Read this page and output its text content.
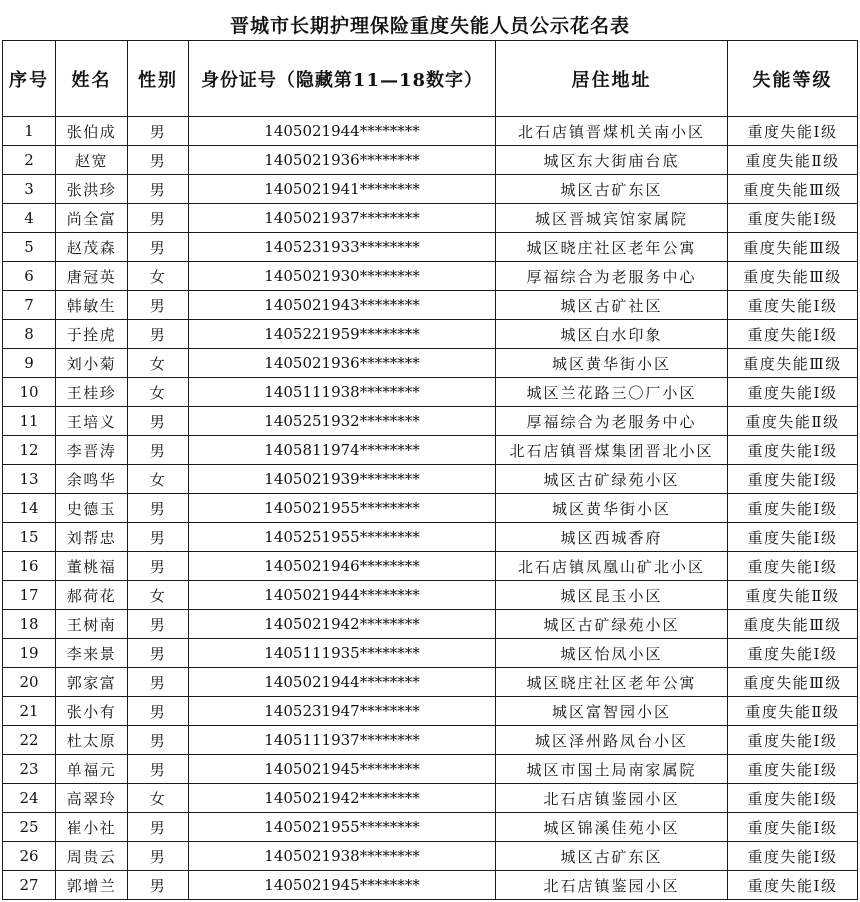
晋城市长期护理保险重度失能人员公示花名表
序号	姓名	性别	身份证号（隐藏第11—18数字）	居住地址	失能等级
1	张伯成	男	1405021944********	北石店镇晋煤机关南小区	重度失能Ⅰ级
2	赵宽	男	1405021936********	城区东大街庙台底	重度失能Ⅱ级
3	张洪珍	男	1405021941********	城区古矿东区	重度失能Ⅲ级
4	尚全富	男	1405021937********	城区晋城宾馆家属院	重度失能Ⅰ级
5	赵茂森	男	1405231933********	城区晓庄社区老年公寓	重度失能Ⅲ级
6	唐冠英	女	1405021930********	厚福综合为老服务中心	重度失能Ⅲ级
7	韩敏生	男	1405021943********	城区古矿社区	重度失能Ⅰ级
8	于拴虎	男	1405221959********	城区白水印象	重度失能Ⅰ级
9	刘小菊	女	1405021936********	城区黄华街小区	重度失能Ⅲ级
10	王桂珍	女	1405111938********	城区兰花路三〇厂小区	重度失能Ⅰ级
11	王培义	男	1405251932********	厚福综合为老服务中心	重度失能Ⅱ级
12	李晋涛	男	1405811974********	北石店镇晋煤集团晋北小区	重度失能Ⅰ级
13	余鸣华	女	1405021939********	城区古矿绿苑小区	重度失能Ⅰ级
14	史德玉	男	1405021955********	城区黄华街小区	重度失能Ⅰ级
15	刘帮忠	男	1405251955********	城区西城香府	重度失能Ⅰ级
16	董桃福	男	1405021946********	北石店镇凤凰山矿北小区	重度失能Ⅰ级
17	郝荷花	女	1405021944********	城区昆玉小区	重度失能Ⅱ级
18	王树南	男	1405021942********	城区古矿绿苑小区	重度失能Ⅲ级
19	李来景	男	1405111935********	城区怡凤小区	重度失能Ⅰ级
20	郭家富	男	1405021944********	城区晓庄社区老年公寓	重度失能Ⅲ级
21	张小有	男	1405231947********	城区富智园小区	重度失能Ⅱ级
22	杜太原	男	1405111937********	城区泽州路凤台小区	重度失能Ⅰ级
23	单福元	男	1405021945********	城区市国土局南家属院	重度失能Ⅰ级
24	高翠玲	女	1405021942********	北石店镇鉴园小区	重度失能Ⅰ级
25	崔小社	男	1405021955********	城区锦溪佳苑小区	重度失能Ⅰ级
26	周贵云	男	1405021938********	城区古矿东区	重度失能Ⅰ级
27	郭增兰	男	1405021945********	北石店镇鉴园小区	重度失能Ⅰ级
